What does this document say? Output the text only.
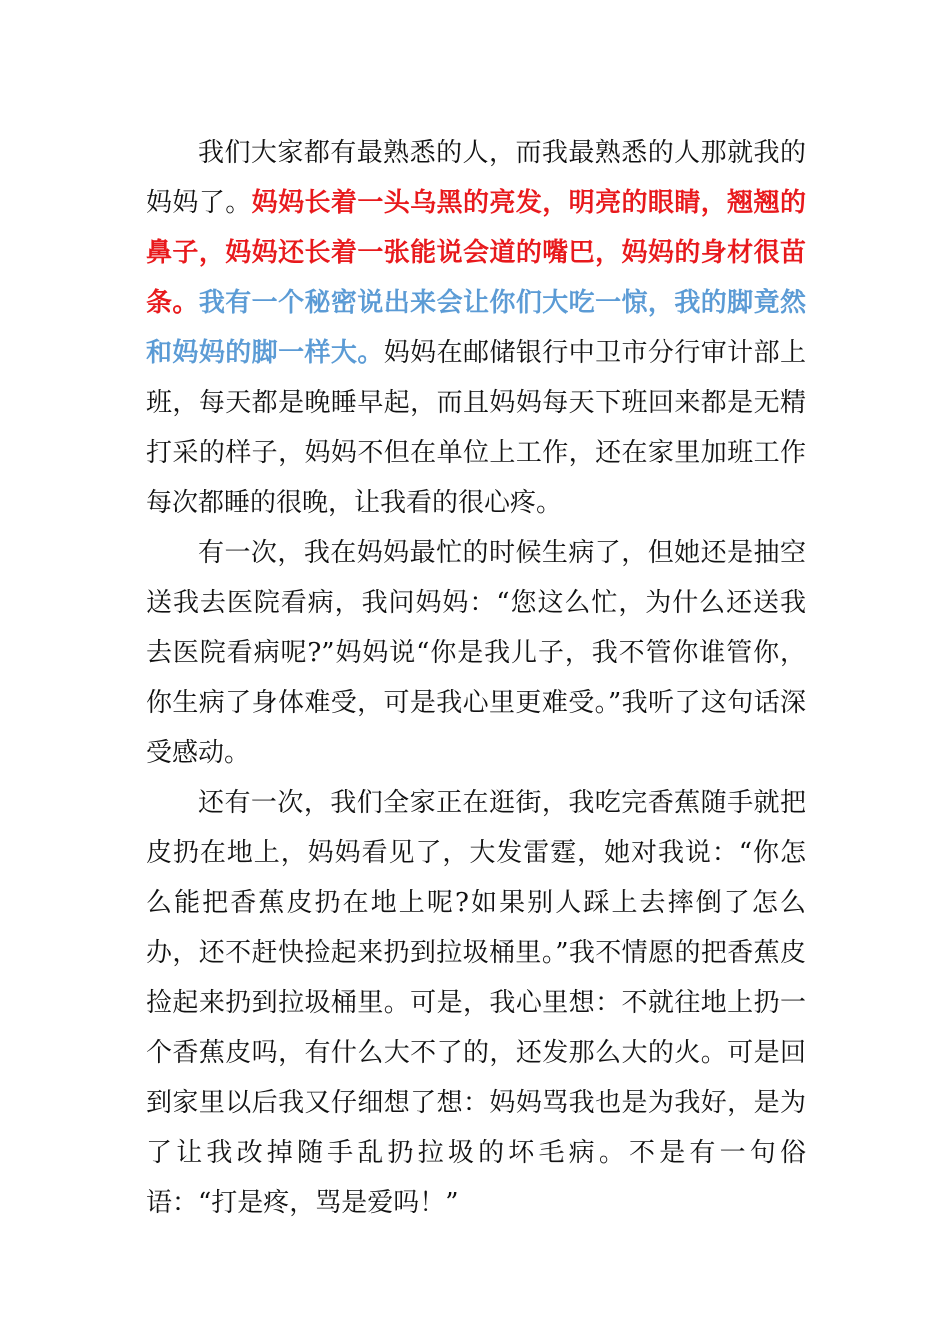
我们大家都有最熟悉的人，而我最熟悉的人那就我的妈妈了。妈妈长着一头乌黑的亮发，明亮的眼睛，翘翘的鼻子，妈妈还长着一张能说会道的嘴巴，妈妈的身材很苗条。我有一个秘密说出来会让你们大吃一惊，我的脚竟然和妈妈的脚一样大。妈妈在邮储银行中卫市分行审计部上班，每天都是晚睡早起，而且妈妈每天下班回来都是无精打采的样子，妈妈不但在单位上工作，还在家里加班工作每次都睡的很晚，让我看的很心疼。

有一次，我在妈妈最忙的时候生病了，但她还是抽空送我去医院看病，我问妈妈：“您这么忙，为什么还送我去医院看病呢?”妈妈说“你是我儿子，我不管你谁管你，你生病了身体难受，可是我心里更难受。”我听了这句话深受感动。

还有一次，我们全家正在逛街，我吃完香蕉随手就把皮扔在地上，妈妈看见了，大发雷霆，她对我说：“你怎么能把香蕉皮扔在地上呢?如果别人踩上去摔倒了怎么办，还不赶快捡起来扔到拉圾桶里。”我不情愿的把香蕉皮捡起来扔到拉圾桶里。可是，我心里想：不就往地上扔一个香蕉皮吗，有什么大不了的，还发那么大的火。可是回到家里以后我又仔细想了想：妈妈骂我也是为我好，是为了让我改掉随手乱扔拉圾的坏毛病。不是有一句俗语：“打是疼，骂是爱吗！”
